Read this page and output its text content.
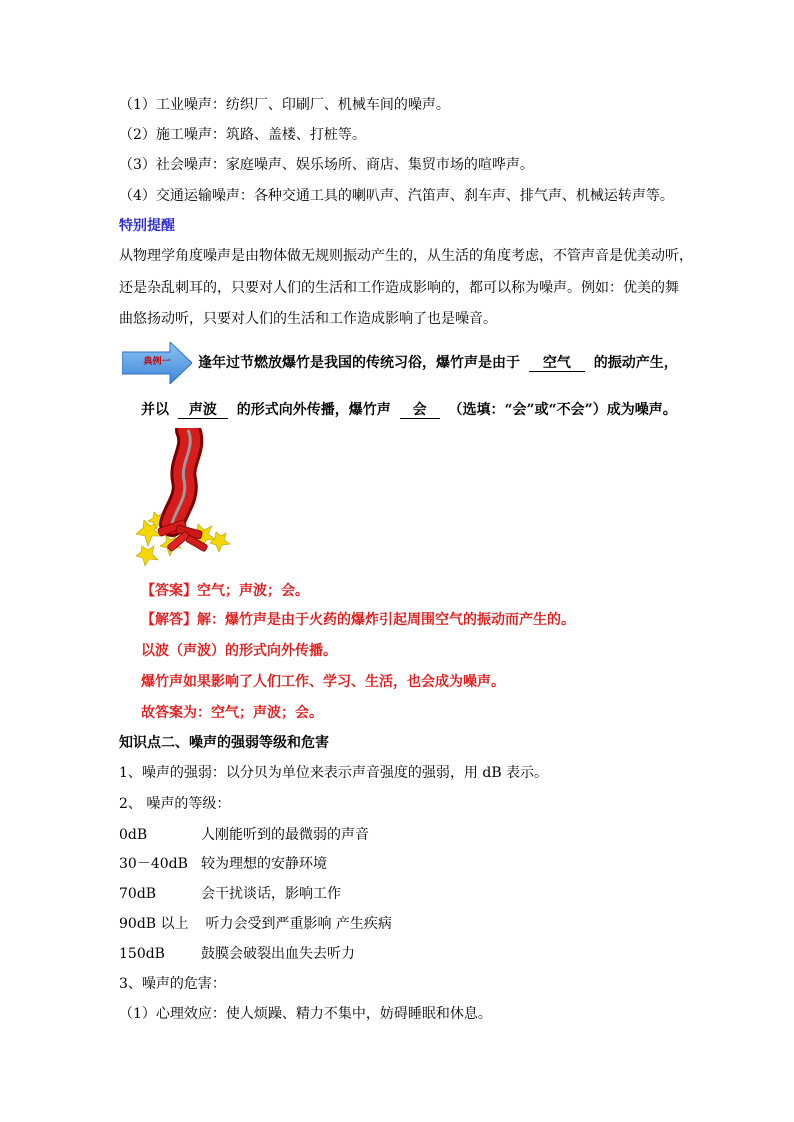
（1）工业噪声：纺织厂、印刷厂、机械车间的噪声。
（2）施工噪声：筑路、盖楼、打桩等。
（3）社会噪声：家庭噪声、娱乐场所、商店、集贸市场的喧哗声。
（4）交通运输噪声：各种交通工具的喇叭声、汽笛声、刹车声、排气声、机械运转声等。
特别提醒
从物理学角度噪声是由物体做无规则振动产生的，从生活的角度考虑，不管声音是优美动听，
还是杂乱刺耳的，只要对人们的生活和工作造成影响的，都可以称为噪声。例如：优美的舞
曲悠扬动听，只要对人们的生活和工作造成影响了也是噪音。
典例一	逢年过节燃放爆竹是我国的传统习俗，爆竹声是由于 空气 的振动产生，
并以 声波 的形式向外传播，爆竹声 会 （选填：“会”或“不会”）成为噪声。
【答案】空气；声波；会。
【解答】解：爆竹声是由于火药的爆炸引起周围空气的振动而产生的。
以波（声波）的形式向外传播。
爆竹声如果影响了人们工作、学习、生活，也会成为噪声。
故答案为：空气；声波；会。
知识点二、噪声的强弱等级和危害
1、噪声的强弱：以分贝为单位来表示声音强度的强弱，用 dB 表示。
2、 噪声的等级：
0dB	人刚能听到的最微弱的声音
30－40dB 较为理想的安静环境
70dB	会干扰谈话，影响工作
90dB 以上 听力会受到严重影响 产生疾病
150dB	鼓膜会破裂出血失去听力
3、噪声的危害：
（1）心理效应：使人烦躁、精力不集中，妨碍睡眠和休息。
